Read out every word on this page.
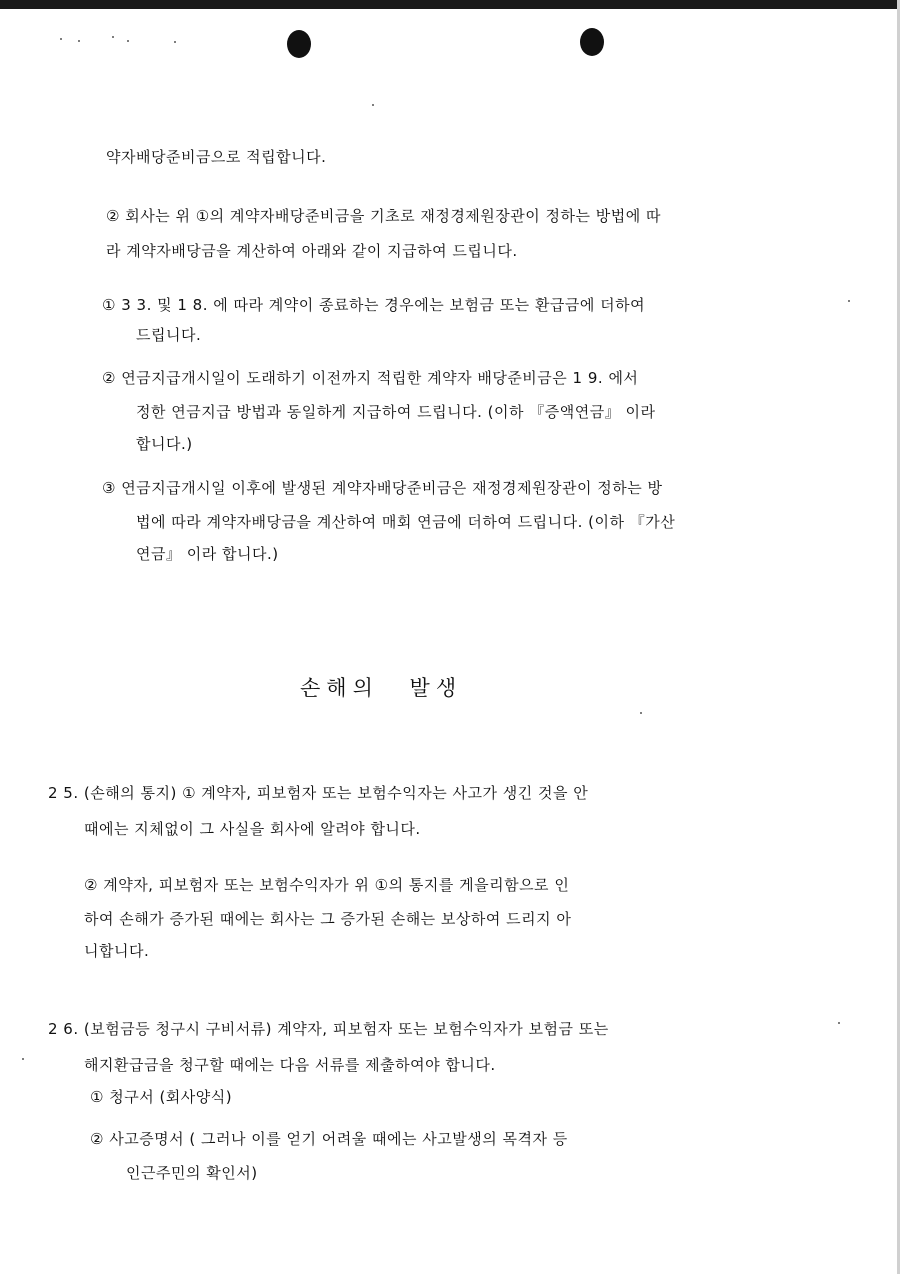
약자배당준비금으로 적립합니다.
② 회사는 위 ①의 계약자배당준비금을 기초로 재정경제원장관이 정하는 방법에 따
라 계약자배당금을 계산하여 아래와 같이 지급하여 드립니다.
① 3 3. 및 1 8. 에 따라 계약이 종료하는 경우에는 보험금 또는 환급금에 더하여
드립니다.
② 연금지급개시일이 도래하기 이전까지 적립한 계약자 배당준비금은 1 9. 에서
정한 연금지급 방법과 동일하게 지급하여 드립니다. (이하 『증액연금』 이라
합니다.)
③ 연금지급개시일 이후에 발생된 계약자배당준비금은 재정경제원장관이 정하는 방
법에 따라 계약자배당금을 계산하여 매회 연금에 더하여 드립니다. (이하 『가산
연금』 이라 합니다.)
손해의 발생
2 5. (손해의 통지) ① 계약자, 피보험자 또는 보험수익자는 사고가 생긴 것을 안
때에는 지체없이 그 사실을 회사에 알려야 합니다.
② 계약자, 피보험자 또는 보험수익자가 위 ①의 통지를 게을리함으로 인
하여 손해가 증가된 때에는 회사는 그 증가된 손해는 보상하여 드리지 아
니합니다.
2 6. (보험금등 청구시 구비서류) 계약자, 피보험자 또는 보험수익자가 보험금 또는
해지환급금을 청구할 때에는 다음 서류를 제출하여야 합니다.
① 청구서 (회사양식)
② 사고증명서 ( 그러나 이를 얻기 어려울 때에는 사고발생의 목격자 등
인근주민의 확인서)
